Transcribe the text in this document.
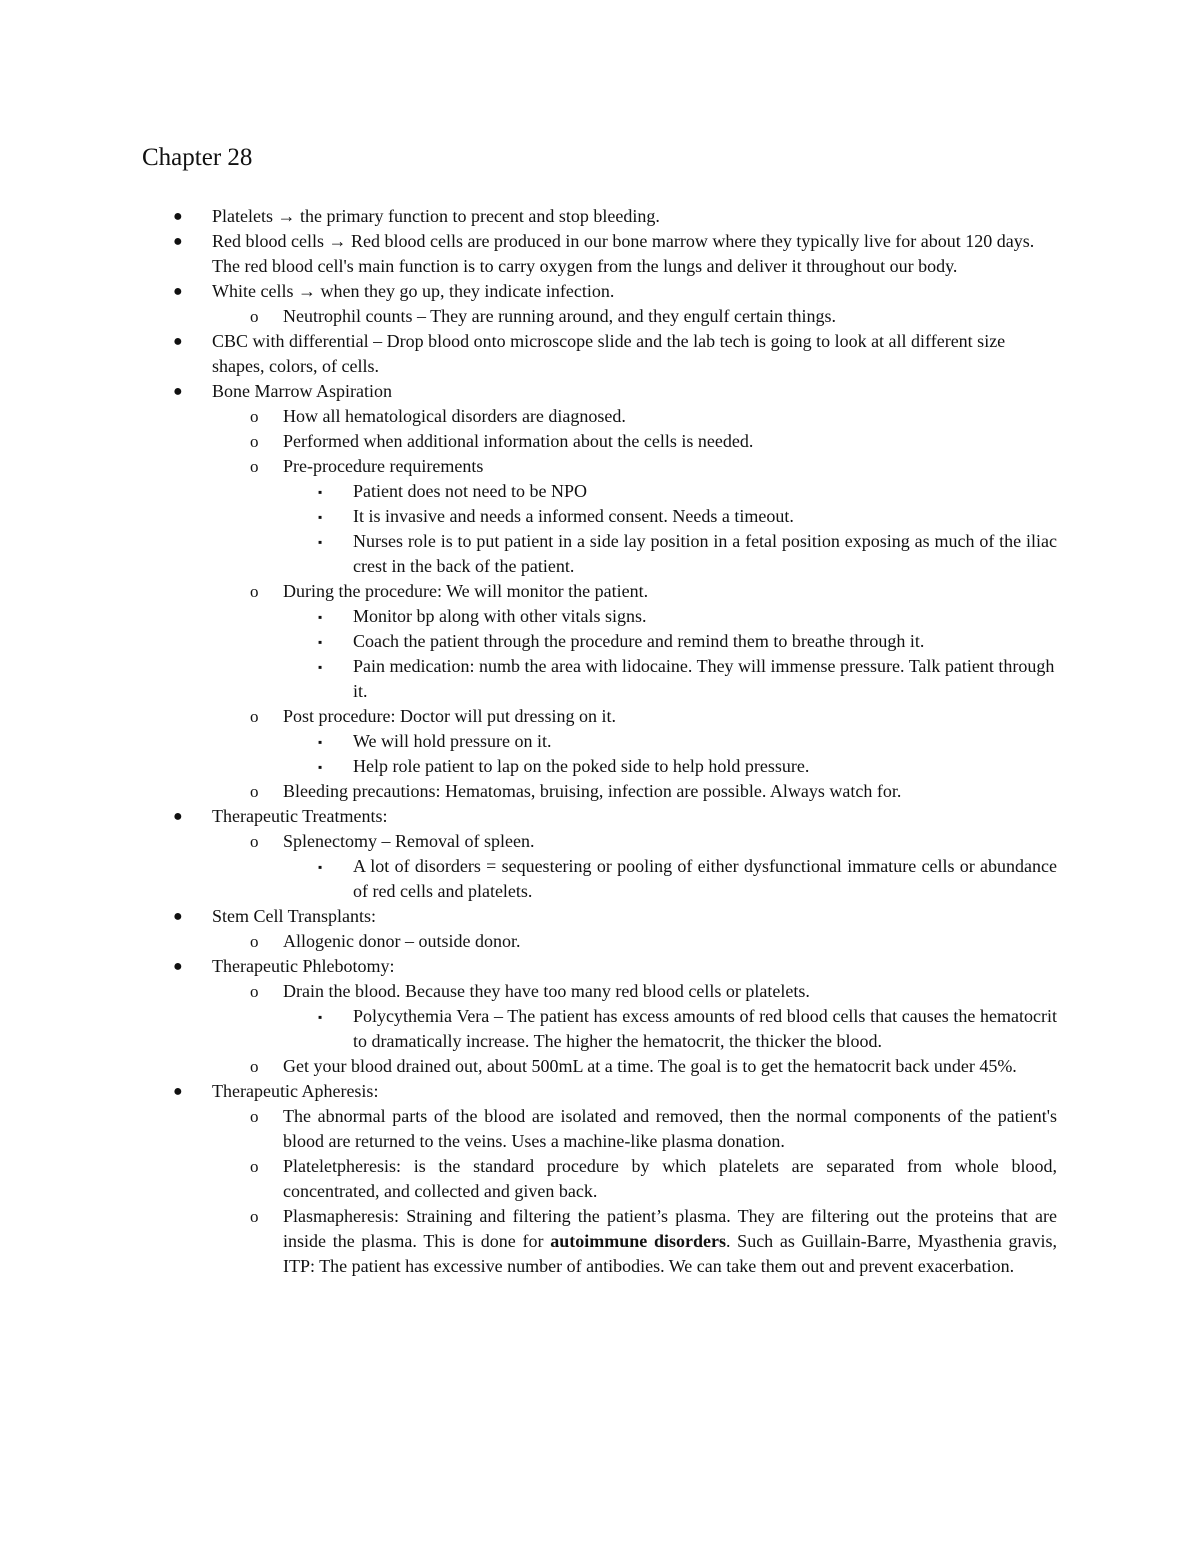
Chapter 28
● Platelets → the primary function to precent and stop bleeding.
● Red blood cells → Red blood cells are produced in our bone marrow where they typically live for about 120 days. The red blood cell's main function is to carry oxygen from the lungs and deliver it throughout our body.
● White cells → when they go up, they indicate infection.
o Neutrophil counts – They are running around, and they engulf certain things.
● CBC with differential – Drop blood onto microscope slide and the lab tech is going to look at all different size shapes, colors, of cells.
● Bone Marrow Aspiration
o How all hematological disorders are diagnosed.
o Performed when additional information about the cells is needed.
o Pre-procedure requirements
▪ Patient does not need to be NPO
▪ It is invasive and needs a informed consent. Needs a timeout.
▪ Nurses role is to put patient in a side lay position in a fetal position exposing as much of the iliac crest in the back of the patient.
o During the procedure: We will monitor the patient.
▪ Monitor bp along with other vitals signs.
▪ Coach the patient through the procedure and remind them to breathe through it.
▪ Pain medication: numb the area with lidocaine. They will immense pressure. Talk patient through it.
o Post procedure: Doctor will put dressing on it.
▪ We will hold pressure on it.
▪ Help role patient to lap on the poked side to help hold pressure.
o Bleeding precautions: Hematomas, bruising, infection are possible. Always watch for.
● Therapeutic Treatments:
o Splenectomy – Removal of spleen.
▪ A lot of disorders = sequestering or pooling of either dysfunctional immature cells or abundance of red cells and platelets.
● Stem Cell Transplants:
o Allogenic donor – outside donor.
● Therapeutic Phlebotomy:
o Drain the blood. Because they have too many red blood cells or platelets.
▪ Polycythemia Vera – The patient has excess amounts of red blood cells that causes the hematocrit to dramatically increase. The higher the hematocrit, the thicker the blood.
o Get your blood drained out, about 500mL at a time. The goal is to get the hematocrit back under 45%.
● Therapeutic Apheresis:
o The abnormal parts of the blood are isolated and removed, then the normal components of the patient's blood are returned to the veins. Uses a machine-like plasma donation.
o Plateletpheresis: is the standard procedure by which platelets are separated from whole blood, concentrated, and collected and given back.
o Plasmapheresis: Straining and filtering the patient’s plasma. They are filtering out the proteins that are inside the plasma. This is done for autoimmune disorders. Such as Guillain-Barre, Myasthenia gravis, ITP: The patient has excessive number of antibodies. We can take them out and prevent exacerbation.
